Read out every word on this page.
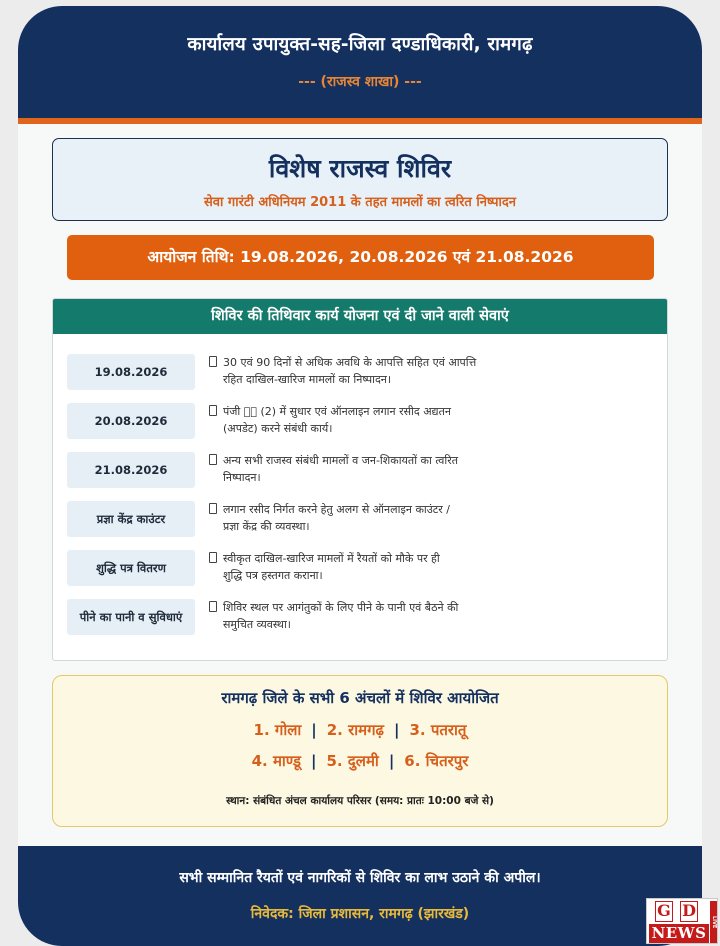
कार्यालय उपायुक्त-सह-जिला दण्डाधिकारी, रामगढ़
--- (राजस्व शाखा) ---
विशेष राजस्व शिविर
सेवा गारंटी अधिनियम 2011 के तहत मामलों का त्वरित निष्पादन
आयोजन तिथि: 19.08.2026, 20.08.2026 एवं 21.08.2026
शिविर की तिथिवार कार्य योजना एवं दी जाने वाली सेवाएं
19.08.2026
30 एवं 90 दिनों से अधिक अवधि के आपत्ति सहित एवं आपत्ति
रहित दाखिल-खारिज मामलों का निष्पादन।
20.08.2026
पंजी ⃞⃞ (2) में सुधार एवं ऑनलाइन लगान रसीद अद्यतन
(अपडेट) करने संबंधी कार्य।
21.08.2026
अन्य सभी राजस्व संबंधी मामलों व जन-शिकायतों का त्वरित
निष्पादन।
प्रज्ञा केंद्र काउंटर
लगान रसीद निर्गत करने हेतु अलग से ऑनलाइन काउंटर /
प्रज्ञा केंद्र की व्यवस्था।
शुद्धि पत्र वितरण
स्वीकृत दाखिल-खारिज मामलों में रैयतों को मौके पर ही
शुद्धि पत्र हस्तगत कराना।
पीने का पानी व सुविधाएं
शिविर स्थल पर आगंतुकों के लिए पीने के पानी एवं बैठने की
समुचित व्यवस्था।
रामगढ़ जिले के सभी 6 अंचलों में शिविर आयोजित
1. गोला | 2. रामगढ़ | 3. पतरातू
4. माण्डू | 5. दुलमी | 6. चितरपुर
स्थान: संबंधित अंचल कार्यालय परिसर (समय: प्रातः 10:00 बजे से)
सभी सम्मानित रैयतों एवं नागरिकों से शिविर का लाभ उठाने की अपील।
निवेदक: जिला प्रशासन, रामगढ़ (झारखंड)	G D
NEWS
LIVE
